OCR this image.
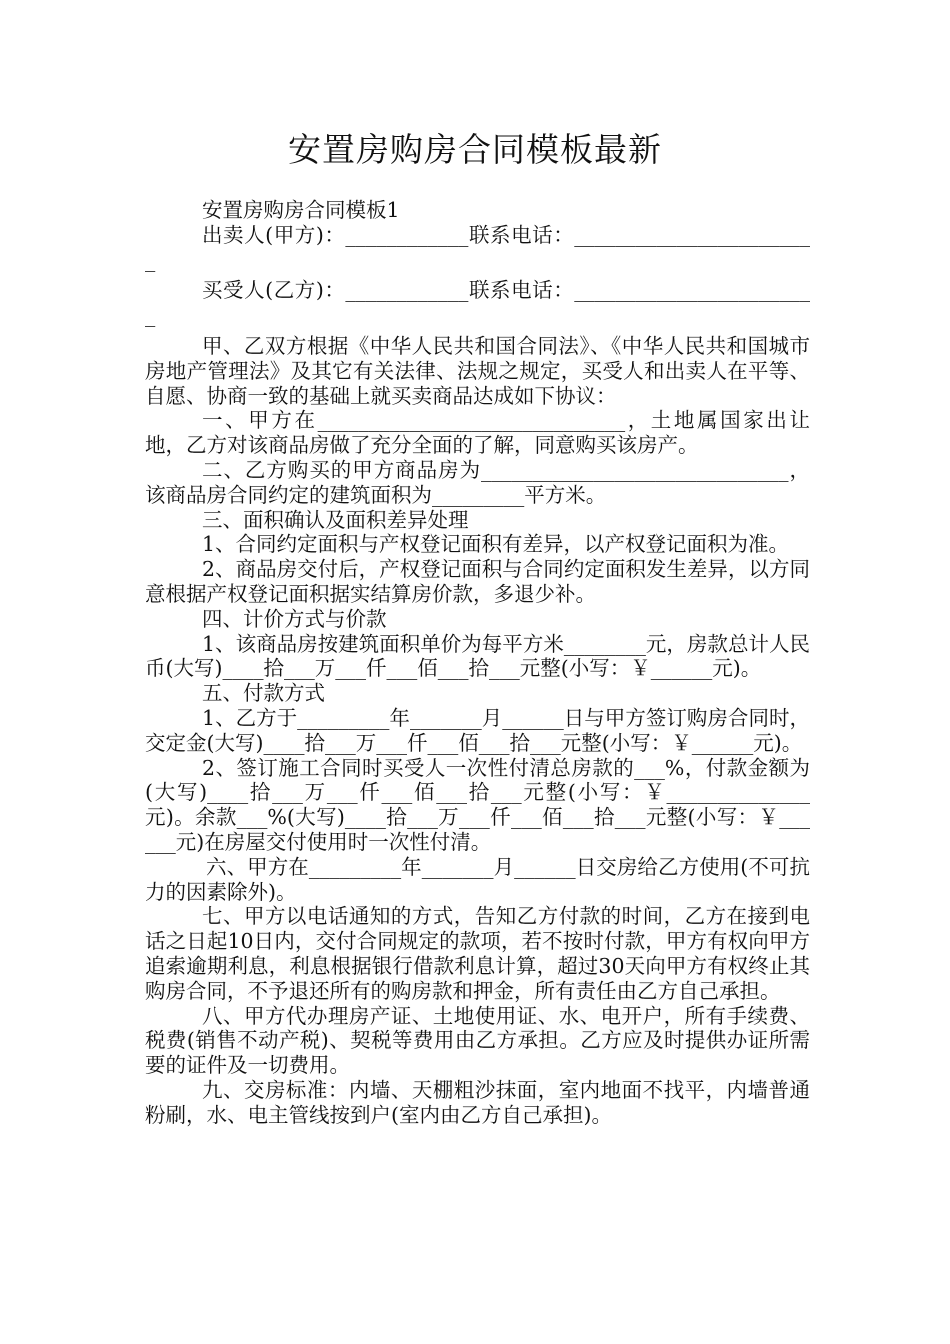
安置房购房合同模板最新

安置房购房合同模板1

出卖人(甲方)：____________联系电话：________________________

买受人(乙方)：____________联系电话：________________________

甲、乙双方根据《中华人民共和国合同法》、《中华人民共和国城市房地产管理法》及其它有关法律、法规之规定，买受人和出卖人在平等、自愿、协商一致的基础上就买卖商品达成如下协议：

一、甲方在______________________________，土地属国家出让地，乙方对该商品房做了充分全面的了解，同意购买该房产。

二、乙方购买的甲方商品房为______________________________，该商品房合同约定的建筑面积为_________平方米。

三、面积确认及面积差异处理

1、合同约定面积与产权登记面积有差异，以产权登记面积为准。

2、商品房交付后，产权登记面积与合同约定面积发生差异，以方同意根据产权登记面积据实结算房价款，多退少补。

四、计价方式与价款

1、该商品房按建筑面积单价为每平方米________元，房款总计人民币(大写)____拾___万___仟___佰___拾___元整(小写：￥______元)。

五、付款方式

1、乙方于_________年_______月______日与甲方签订购房合同时，交定金(大写)____拾___万___仟___佰___拾___元整(小写：￥______元)。

2、签订施工合同时买受人一次性付清总房款的___%，付款金额为(大写)____拾___万___仟___佰___拾___元整(小写：￥______________元)。余款___%(大写)____拾___万___仟___佰___拾___元整(小写：￥______元)在房屋交付使用时一次性付清。

六、甲方在_________年_______月______日交房给乙方使用(不可抗力的因素除外)。

七、甲方以电话通知的方式，告知乙方付款的时间，乙方在接到电话之日起10日内，交付合同规定的款项，若不按时付款，甲方有权向甲方追索逾期利息，利息根据银行借款利息计算，超过30天向甲方有权终止其购房合同，不予退还所有的购房款和押金，所有责任由乙方自己承担。

八、甲方代办理房产证、土地使用证、水、电开户，所有手续费、税费(销售不动产税)、契税等费用由乙方承担。乙方应及时提供办证所需要的证件及一切费用。

九、交房标准：内墙、天棚粗沙抹面，室内地面不找平，内墙普通粉刷，水、电主管线按到户(室内由乙方自己承担)。
